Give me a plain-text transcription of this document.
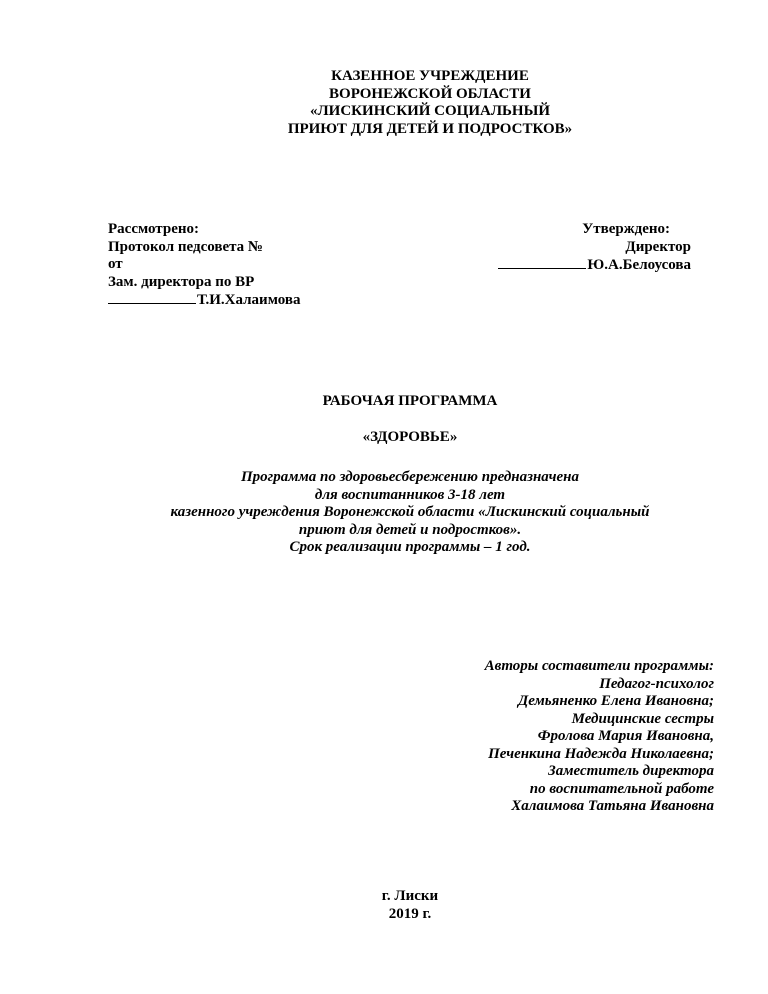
КАЗЕННОЕ УЧРЕЖДЕНИЕ
ВОРОНЕЖСКОЙ ОБЛАСТИ
«ЛИСКИНСКИЙ СОЦИАЛЬНЫЙ
ПРИЮТ ДЛЯ ДЕТЕЙ И ПОДРОСТКОВ»
Рассмотрено:
Протокол педсовета №
от
Зам. директора по ВР
Т.И.Халаимова
Утверждено:
Директор
Ю.А.Белоусова
РАБОЧАЯ ПРОГРАММА
«ЗДОРОВЬЕ»
Программа по здоровьесбережению предназначена
для воспитанников 3-18 лет
казенного учреждения Воронежской области «Лискинский социальный
приют для детей и подростков».
Срок реализации программы – 1 год.
Авторы составители программы:
Педагог-психолог
Демьяненко Елена Ивановна;
Медицинские сестры
Фролова Мария Ивановна,
Печенкина Надежда Николаевна;
Заместитель директора
по воспитательной работе
Халаимова Татьяна Ивановна
г. Лиски
2019 г.
